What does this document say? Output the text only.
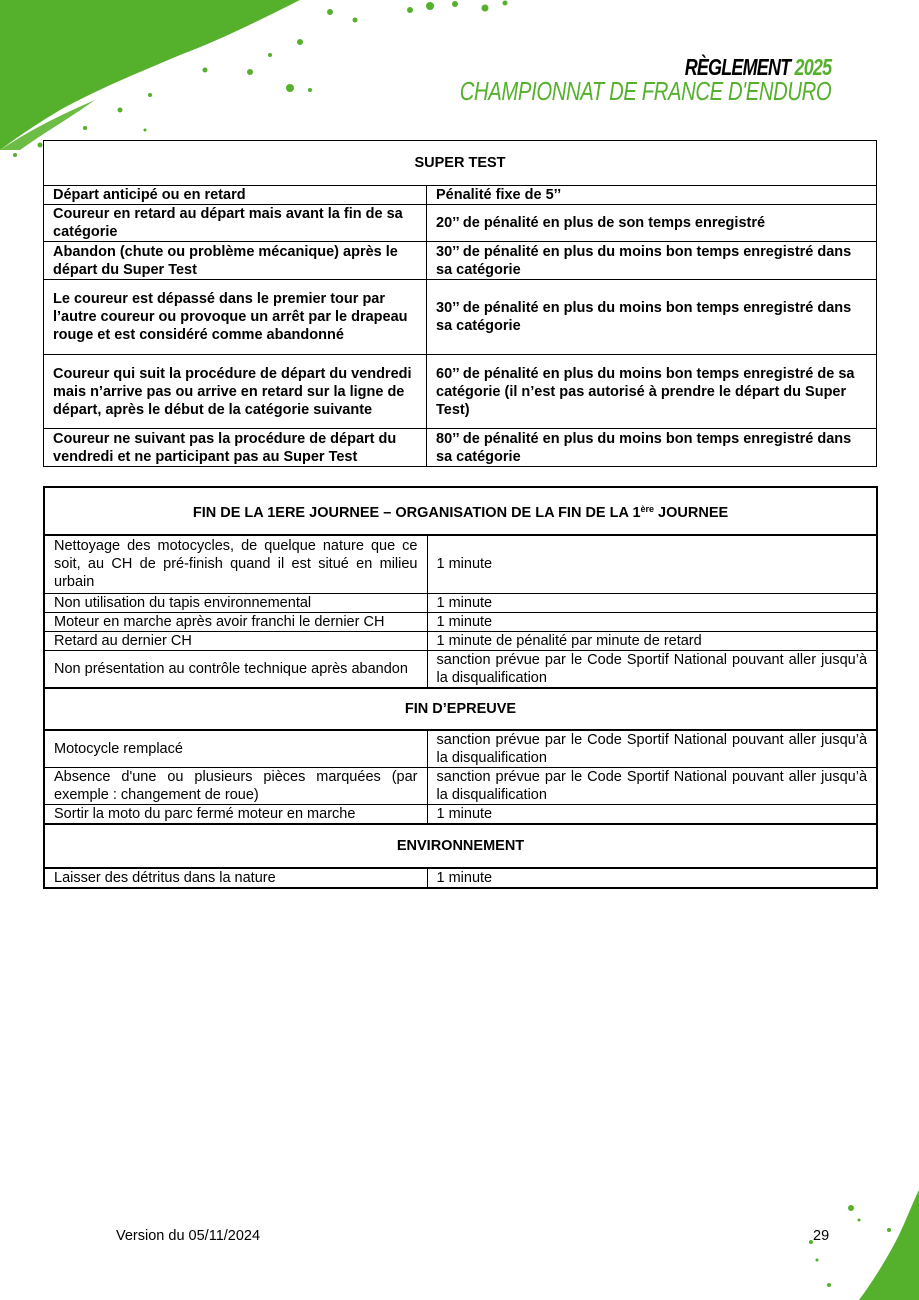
RÈGLEMENT 2025
CHAMPIONNAT DE FRANCE D'ENDURO
SUPER TEST	
Départ anticipé ou en retard	Pénalité fixe de 5’’
Coureur en retard au départ mais avant la fin de sa catégorie	20’’ de pénalité en plus de son temps enregistré
Abandon (chute ou problème mécanique) après le départ du Super Test	30’’ de pénalité en plus du moins bon temps enregistré dans sa catégorie
Le coureur est dépassé dans le premier tour par l’autre coureur ou provoque un arrêt par le drapeau rouge et est considéré comme abandonné	30’’ de pénalité en plus du moins bon temps enregistré dans sa catégorie
Coureur qui suit la procédure de départ du vendredi mais n’arrive pas ou arrive en retard sur la ligne de départ, après le début de la catégorie suivante	60’’ de pénalité en plus du moins bon temps enregistré de sa catégorie (il n’est pas autorisé à prendre le départ du Super Test)
Coureur ne suivant pas la procédure de départ du vendredi et ne participant pas au Super Test	80’’ de pénalité en plus du moins bon temps enregistré dans sa catégorie
FIN DE LA 1ERE JOURNEE – ORGANISATION DE LA FIN DE LA 1ère JOURNEE	
Nettoyage des motocycles, de quelque nature que ce soit, au CH de pré-finish quand il est situé en milieu urbain	1 minute
Non utilisation du tapis environnemental	1 minute
Moteur en marche après avoir franchi le dernier CH	1 minute
Retard au dernier CH	1 minute de pénalité par minute de retard
Non présentation au contrôle technique après abandon	sanction prévue par le Code Sportif National pouvant aller jusqu’à la disqualification
FIN D’EPREUVE	
Motocycle remplacé	sanction prévue par le Code Sportif National pouvant aller jusqu’à la disqualification
Absence d'une ou plusieurs pièces marquées (par exemple : changement de roue)	sanction prévue par le Code Sportif National pouvant aller jusqu’à la disqualification
Sortir la moto du parc fermé moteur en marche	1 minute
ENVIRONNEMENT	
Laisser des détritus dans la nature	1 minute
Version du 05/11/2024	29
